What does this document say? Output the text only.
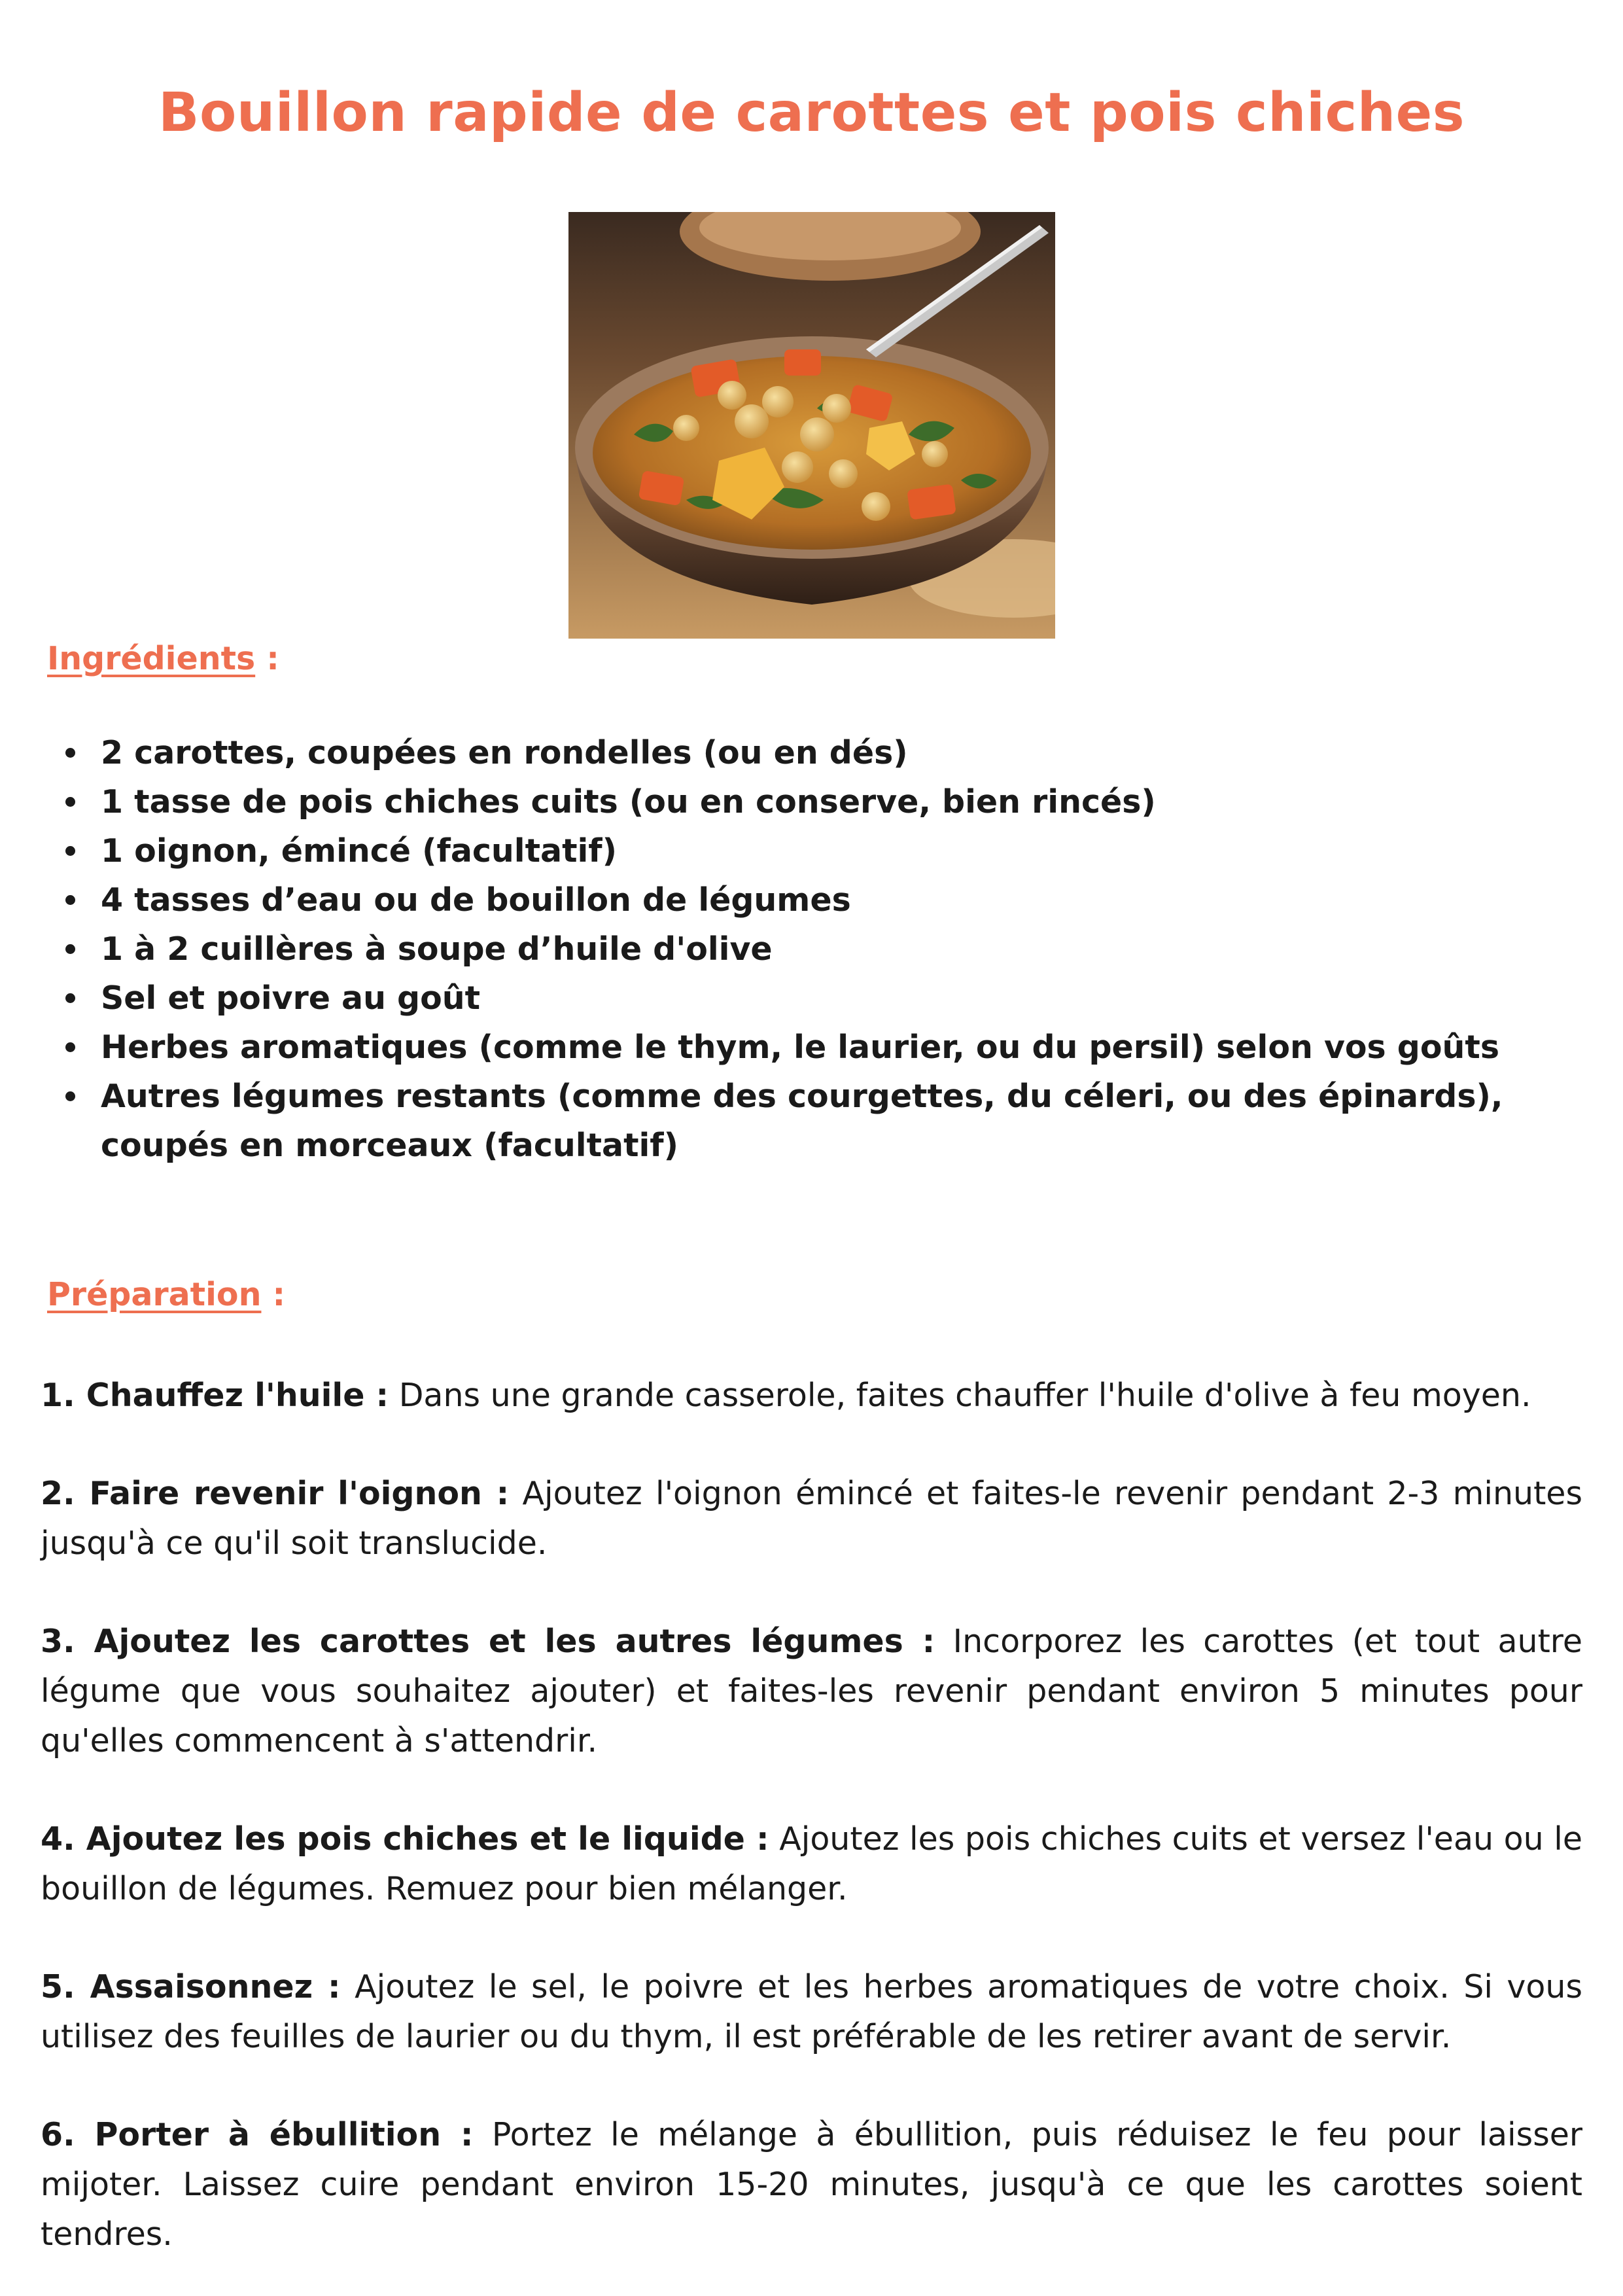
Bouillon rapide de carottes et pois chiches

Ingrédients :

2 carottes, coupées en rondelles (ou en dés)
1 tasse de pois chiches cuits (ou en conserve, bien rincés)
1 oignon, émincé (facultatif)
4 tasses d’eau ou de bouillon de légumes
1 à 2 cuillères à soupe d’huile d'olive
Sel et poivre au goût
Herbes aromatiques (comme le thym, le laurier, ou du persil) selon vos goûts
Autres légumes restants (comme des courgettes, du céleri, ou des épinards), coupés en morceaux (facultatif)

Préparation :

1. Chauffez l'huile : Dans une grande casserole, faites chauffer l'huile d'olive à feu moyen.

2. Faire revenir l'oignon : Ajoutez l'oignon émincé et faites-le revenir pendant 2-3 minutes jusqu'à ce qu'il soit translucide.

3. Ajoutez les carottes et les autres légumes : Incorporez les carottes (et tout autre légume que vous souhaitez ajouter) et faites-les revenir pendant environ 5 minutes pour qu'elles commencent à s'attendrir.

4. Ajoutez les pois chiches et le liquide : Ajoutez les pois chiches cuits et versez l'eau ou le bouillon de légumes. Remuez pour bien mélanger.

5. Assaisonnez : Ajoutez le sel, le poivre et les herbes aromatiques de votre choix. Si vous utilisez des feuilles de laurier ou du thym, il est préférable de les retirer avant de servir.

6. Porter à ébullition : Portez le mélange à ébullition, puis réduisez le feu pour laisser mijoter. Laissez cuire pendant environ 15-20 minutes, jusqu'à ce que les carottes soient tendres.
